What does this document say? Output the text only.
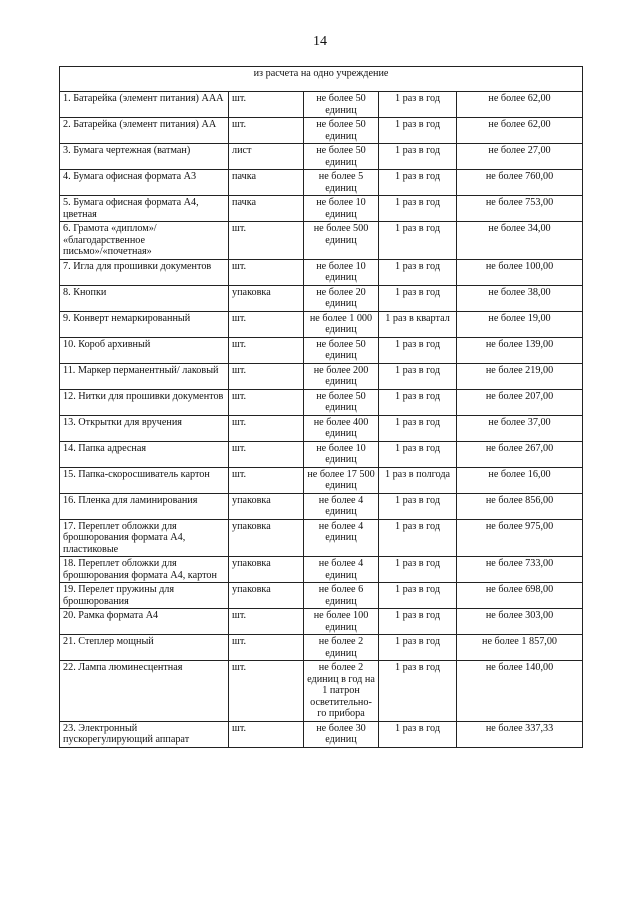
14
из расчета на одно учреждение				
1. Батарейка (элемент питания) ААА	шт.	не более 50 единиц	1 раз в год	не более 62,00
2. Батарейка (элемент питания) АА	шт.	не более 50 единиц	1 раз в год	не более 62,00
3. Бумага чертежная (ватман)	лист	не более 50 единиц	1 раз в год	не более 27,00
4. Бумага офисная формата А3	пачка	не более 5 единиц	1 раз в год	не более 760,00
5. Бумага офисная формата А4, цветная	пачка	не более 10 единиц	1 раз в год	не более 753,00
6. Грамота «диплом»/ «благодарственное письмо»/«почетная»	шт.	не более 500 единиц	1 раз в год	не более 34,00
7. Игла для прошивки документов	шт.	не более 10 единиц	1 раз в год	не более 100,00
8. Кнопки	упаковка	не более 20 единиц	1 раз в год	не более 38,00
9. Конверт немаркированный	шт.	не более 1 000 единиц	1 раз в квартал	не более 19,00
10. Короб архивный	шт.	не более 50 единиц	1 раз в год	не более 139,00
11. Маркер перманентный/ лаковый	шт.	не более 200 единиц	1 раз в год	не более 219,00
12. Нитки для прошивки документов	шт.	не более 50 единиц	1 раз в год	не более 207,00
13. Открытки для вручения	шт.	не более 400 единиц	1 раз в год	не более 37,00
14. Папка адресная	шт.	не более 10 единиц	1 раз в год	не более 267,00
15. Папка-скоросшиватель картон	шт.	не более 17 500 единиц	1 раз в полгода	не более 16,00
16. Пленка для ламинирования	упаковка	не более 4 единиц	1 раз в год	не более 856,00
17. Переплет обложки для брошюрования формата А4, пластиковые	упаковка	не более 4 единиц	1 раз в год	не более 975,00
18. Переплет обложки для брошюрования формата А4, картон	упаковка	не более 4 единиц	1 раз в год	не более 733,00
19. Перелет пружины для брошюрования	упаковка	не более 6 единиц	1 раз в год	не более 698,00
20. Рамка формата А4	шт.	не более 100 единиц	1 раз в год	не более 303,00
21. Степлер мощный	шт.	не более 2 единиц	1 раз в год	не более 1 857,00
22. Лампа люминесцентная	шт.	не более 2 единиц в год на 1 патрон осветительно-го прибора	1 раз в год	не более 140,00
23. Электронный пускорегулирующий аппарат	шт.	не более 30 единиц	1 раз в год	не более 337,33
